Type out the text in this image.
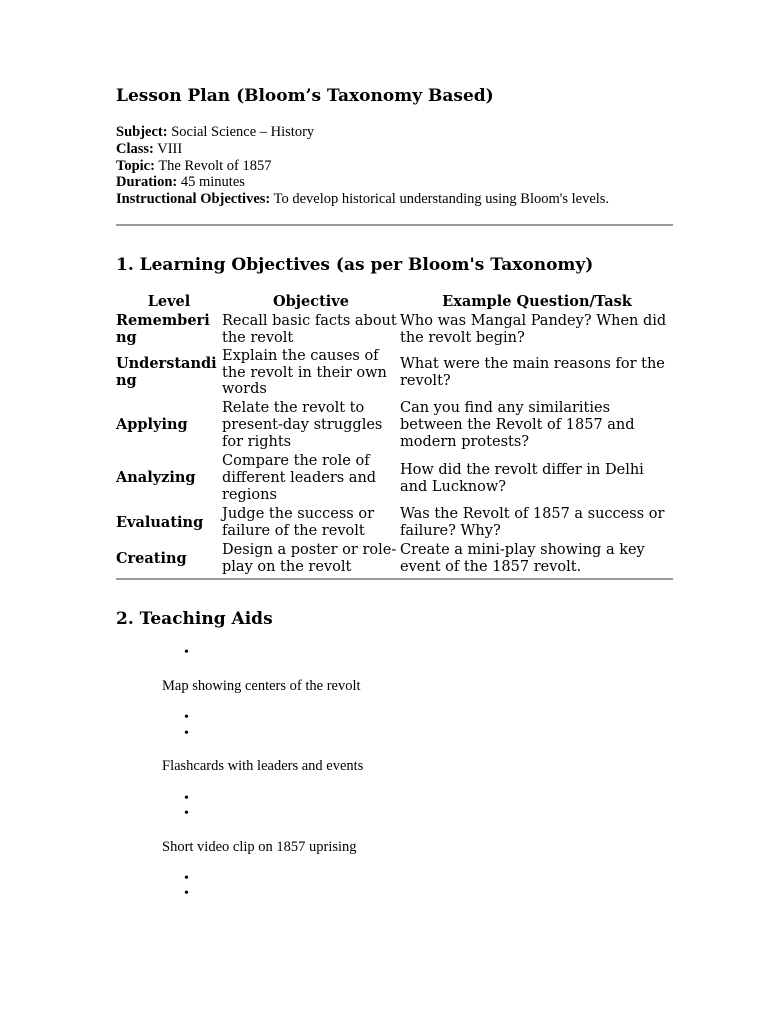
Lesson Plan (Bloom’s Taxonomy Based)
Subject: Social Science – History
Class: VIII
Topic: The Revolt of 1857
Duration: 45 minutes
Instructional Objectives: To develop historical understanding using Bloom's levels.
1. Learning Objectives (as per Bloom's Taxonomy)
Level	Objective	Example Question/Task

Remembering	Recall basic facts about the revolt	Who was Mangal Pandey? When did the revolt begin?

Understanding	Explain the causes of the revolt in their own words	What were the main reasons for the revolt?
Applying	Relate the revolt to present-day struggles for rights	Can you find any similarities between the Revolt of 1857 and modern protests?
Analyzing	Compare the role of different leaders and regions	How did the revolt differ in Delhi and Lucknow?
Evaluating	Judge the success or failure of the revolt	Was the Revolt of 1857 a success or failure? Why?
Creating	Design a poster or role-play on the revolt	Create a mini-play showing a key event of the 1857 revolt.
2. Teaching Aids
•
Map showing centers of the revolt
•
•
Flashcards with leaders and events
•
•
Short video clip on 1857 uprising
•
•
